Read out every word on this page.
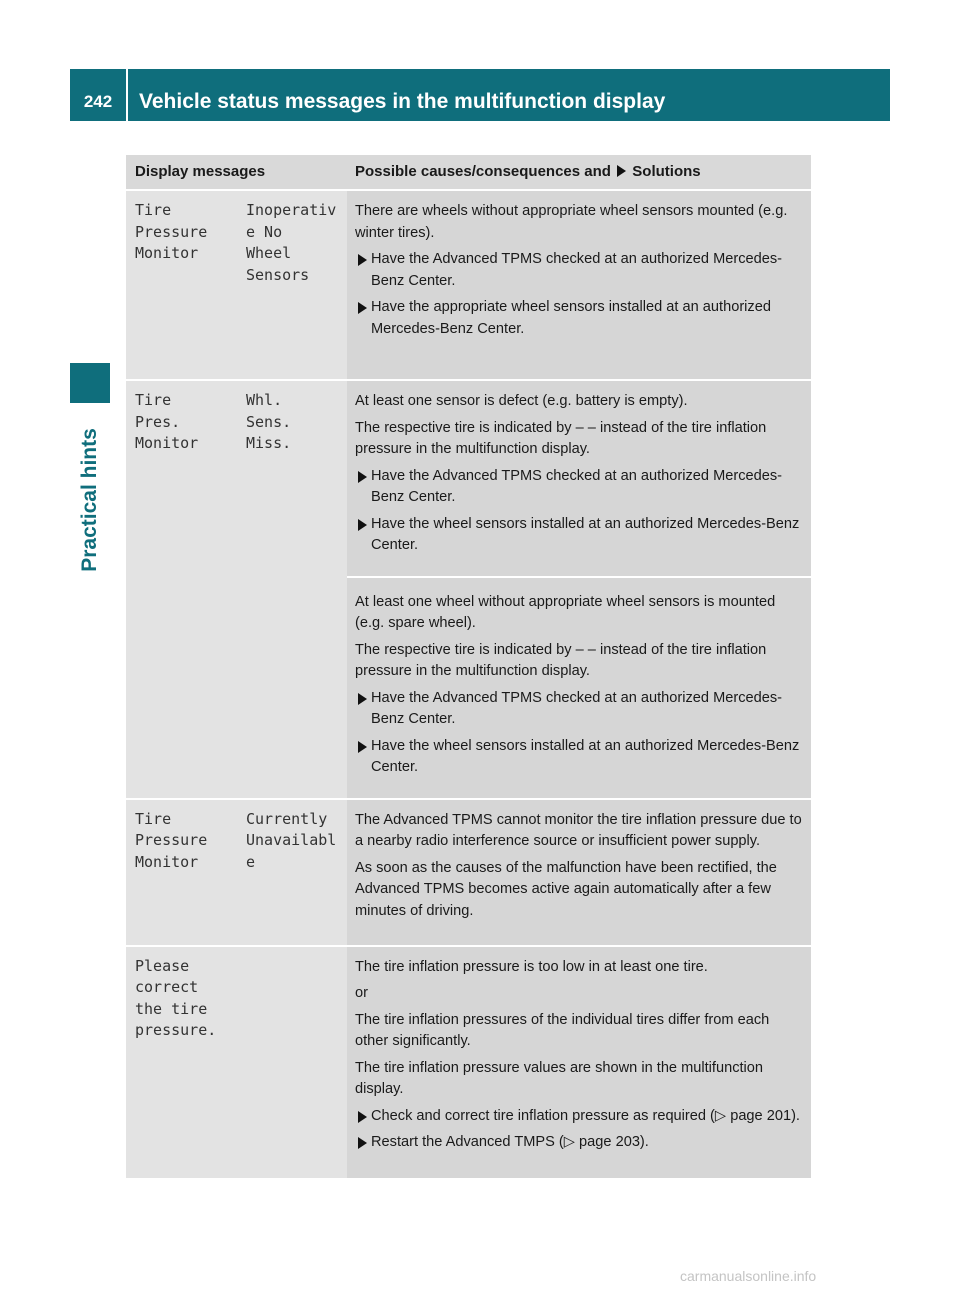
242	Vehicle status messages in the multifunction display
Practical hints
Display messages	Possible causes/consequences and Solutions
Tire
Pressure
Monitor
Inoperativ
e No
Wheel
Sensors

There are wheels without appropriate wheel sensors mounted (e.g. winter tires).

Have the Advanced TPMS checked at an authorized Mercedes-Benz Center.
Have the appropriate wheel sensors installed at an authorized Mercedes-Benz Center.
Tire
Pres.
Monitor
Whl.
Sens.
Miss.

At least one sensor is defect (e.g. battery is empty).

The respective tire is indicated by – – instead of the tire inflation pressure in the multifunction display.

Have the Advanced TPMS checked at an authorized Mercedes-Benz Center.
Have the wheel sensors installed at an authorized Mercedes-Benz Center.

At least one wheel without appropriate wheel sensors is mounted (e.g. spare wheel).

The respective tire is indicated by – – instead of the tire inflation pressure in the multifunction display.

Have the Advanced TPMS checked at an authorized Mercedes-Benz Center.
Have the wheel sensors installed at an authorized Mercedes-Benz Center.
Tire
Pressure
Monitor
Currently
Unavailabl
e

The Advanced TPMS cannot monitor the tire inflation pressure due to a nearby radio interference source or insufficient power supply.

As soon as the causes of the malfunction have been rectified, the Advanced TPMS becomes active again automatically after a few minutes of driving.

Please
correct
the tire
pressure.

The tire inflation pressure is too low in at least one tire.

or

The tire inflation pressures of the individual tires differ from each other significantly.

The tire inflation pressure values are shown in the multifunction display.

Check and correct tire inflation pressure as required (▷ page 201).
Restart the Advanced TMPS (▷ page 203).
carmanualsonline.info
